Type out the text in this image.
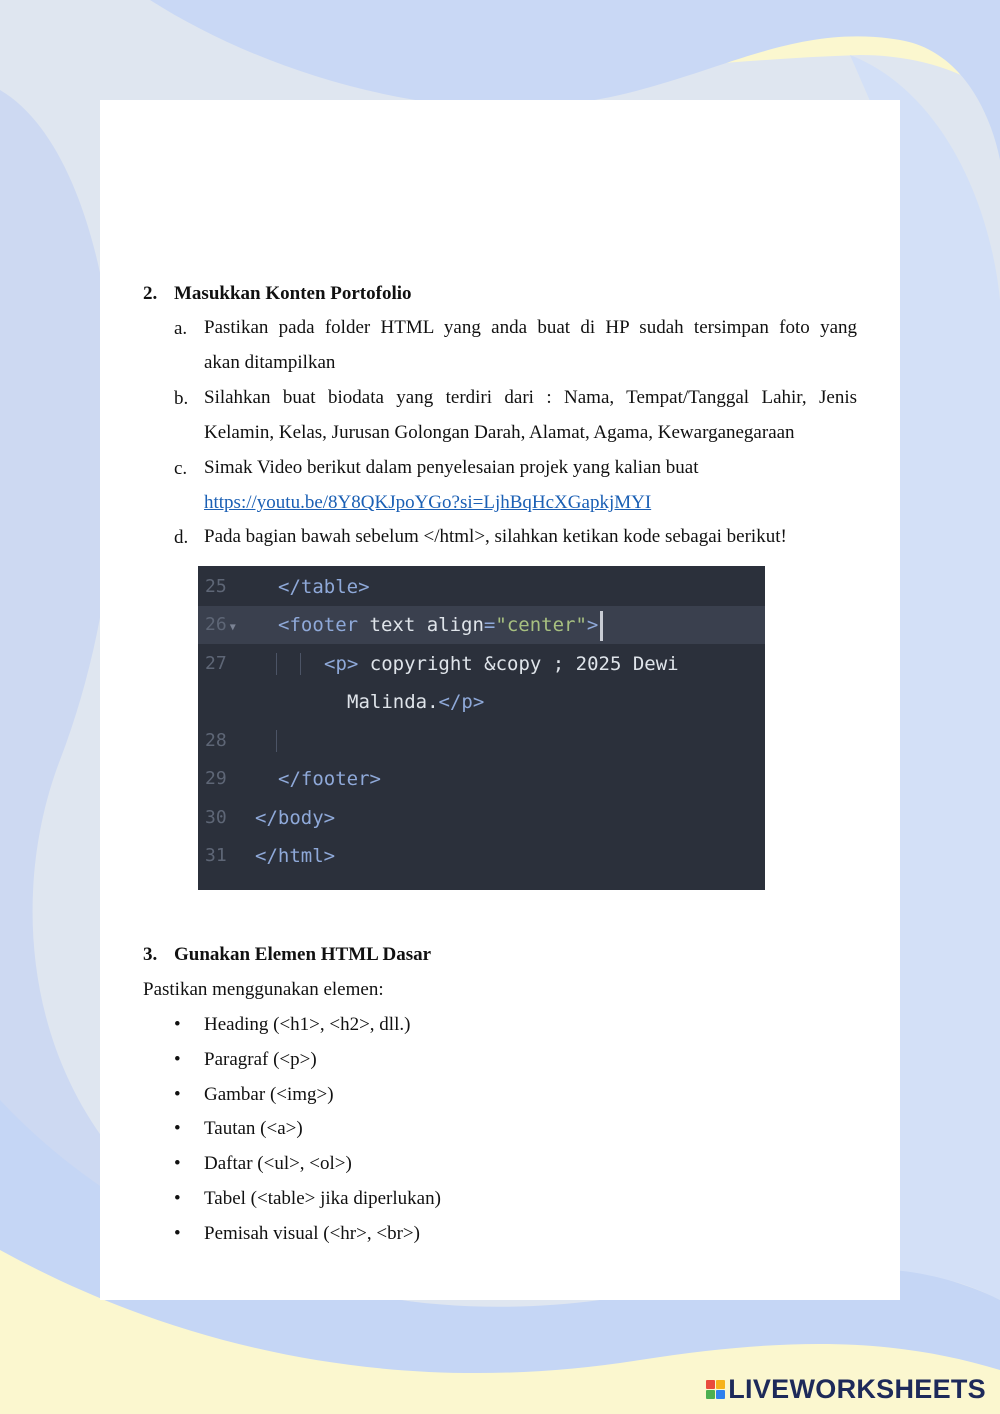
2. Masukkan Konten Portofolio
a. Pastikan pada folder HTML yang anda buat di HP sudah tersimpan foto yang
akan ditampilkan
b. Silahkan buat biodata yang terdiri dari : Nama, Tempat/Tanggal Lahir, Jenis
Kelamin, Kelas, Jurusan Golongan Darah, Alamat, Agama, Kewarganegaraan
c. Simak Video berikut dalam penyelesaian projek yang kalian buat
https://youtu.be/8Y8QKJpoYGo?si=LjhBqHcXGapkjMYI
d. Pada bagian bawah sebelum </html>, silahkan ketikan kode sebagai berikut!
25	</table>
26 ▼ <footer text align="center">
27	<p> copyright &copy ; 2025 Dewi
Malinda.</p>
28
29	</footer>
30 </body>
31 </html>
3. Gunakan Elemen HTML Dasar
Pastikan menggunakan elemen:
• Heading (<h1>, <h2>, dll.)
• Paragraf (<p>)
• Gambar (<img>)
• Tautan (<a>)
• Daftar (<ul>, <ol>)
• Tabel (<table> jika diperlukan)
• Pemisah visual (<hr>, <br>)
LIVEWORKSHEETS
